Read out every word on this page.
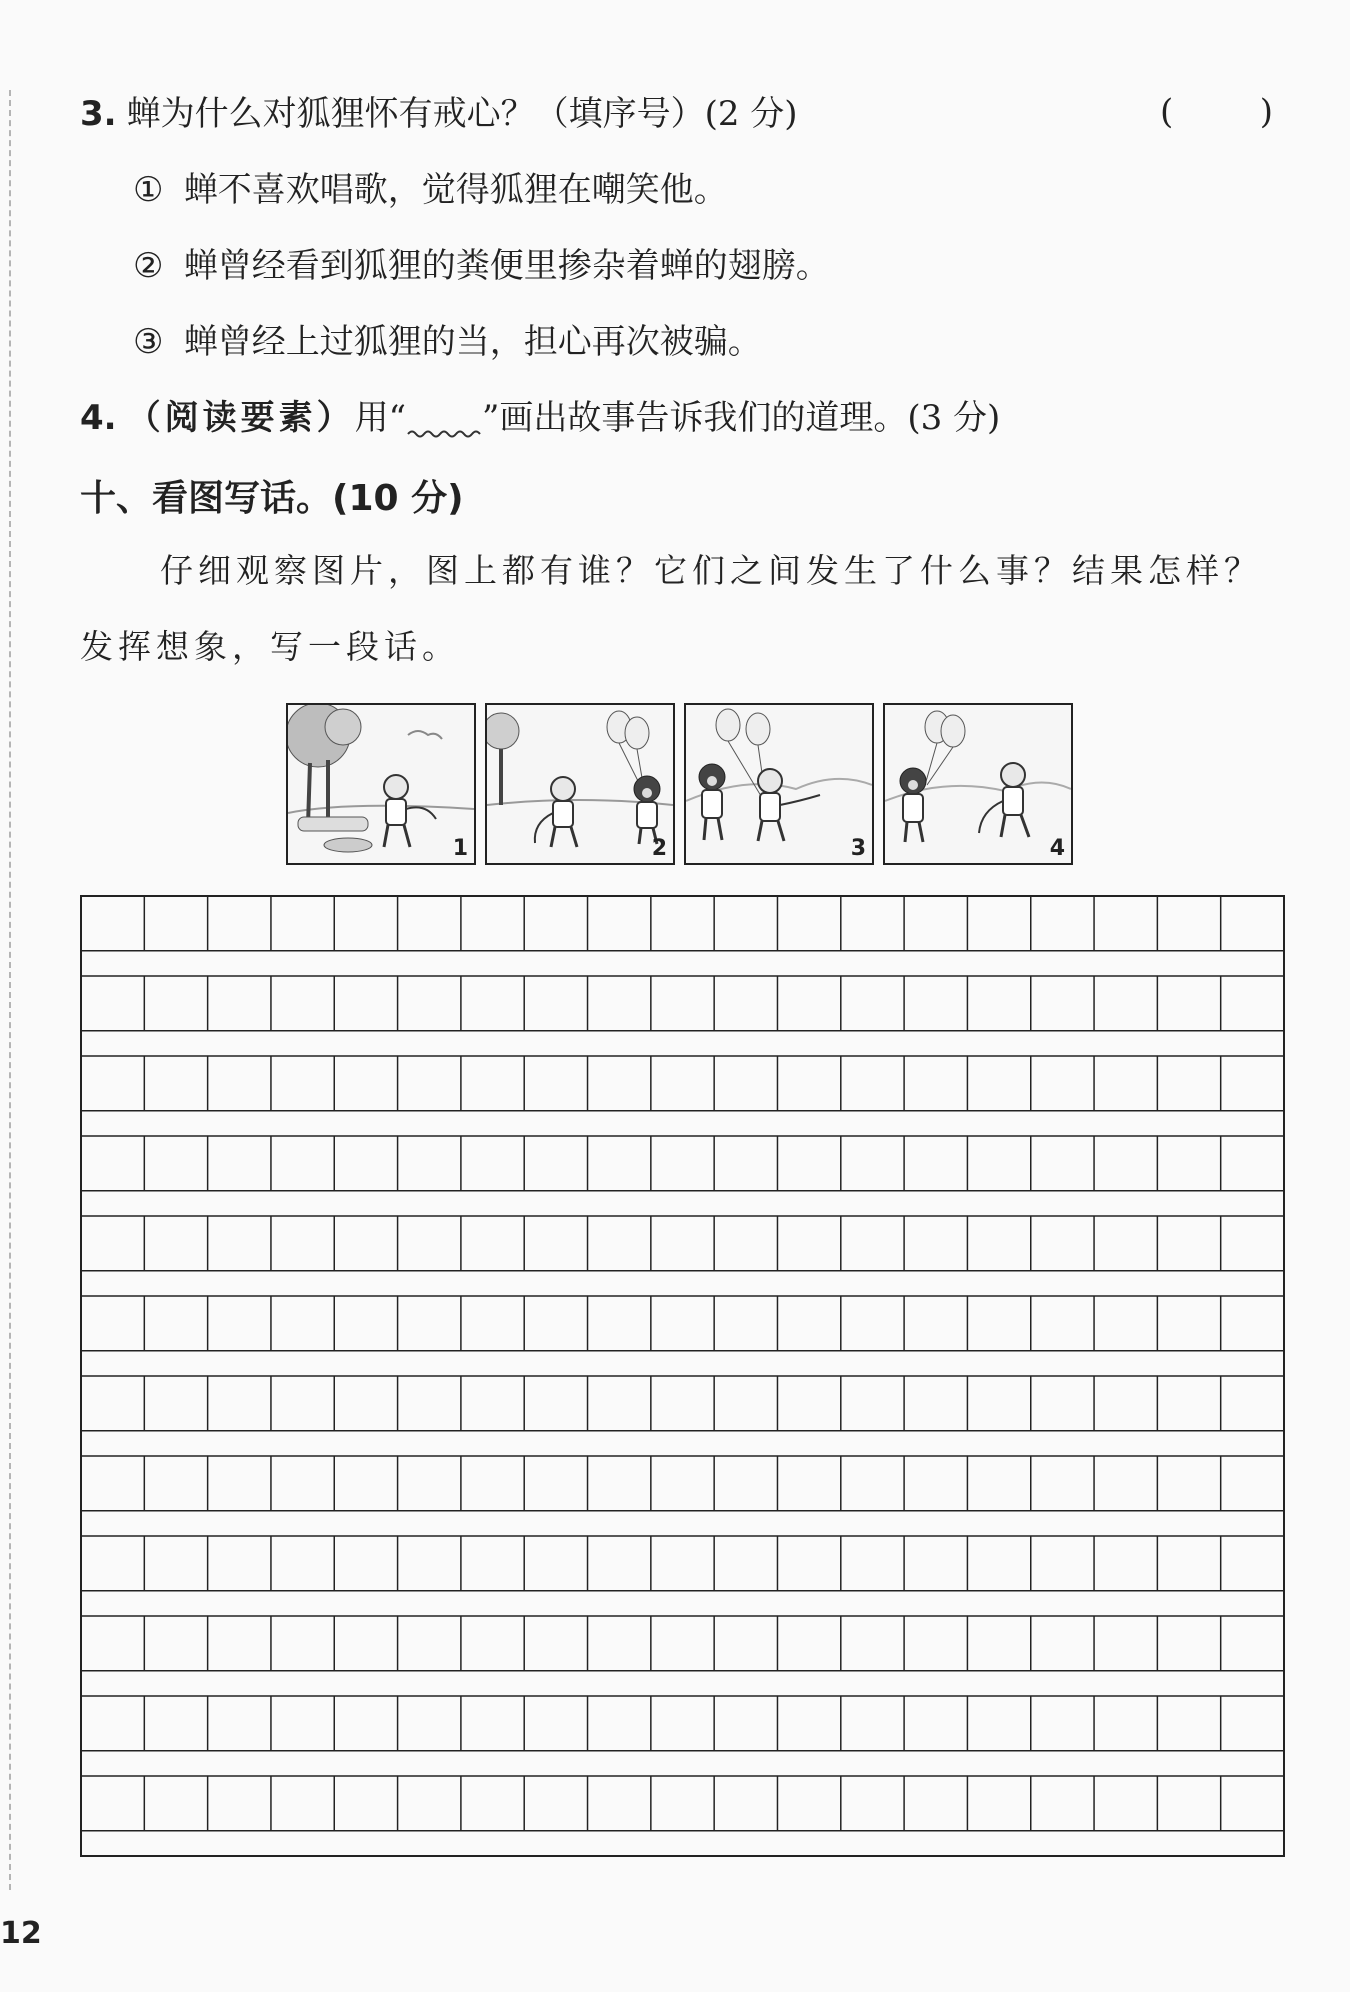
3. 蝉为什么对狐狸怀有戒心？（填序号）(2 分)	(        )
① 蝉不喜欢唱歌，觉得狐狸在嘲笑他。
② 蝉曾经看到狐狸的粪便里掺杂着蝉的翅膀。
③ 蝉曾经上过狐狸的当，担心再次被骗。
4. （阅读要素）用“ ”画出故事告诉我们的道理。(3 分)
十、看图写话。(10 分)
仔细观察图片，图上都有谁？它们之间发生了什么事？结果怎样？
发挥想象，写一段话。
1	2	3	4
12
